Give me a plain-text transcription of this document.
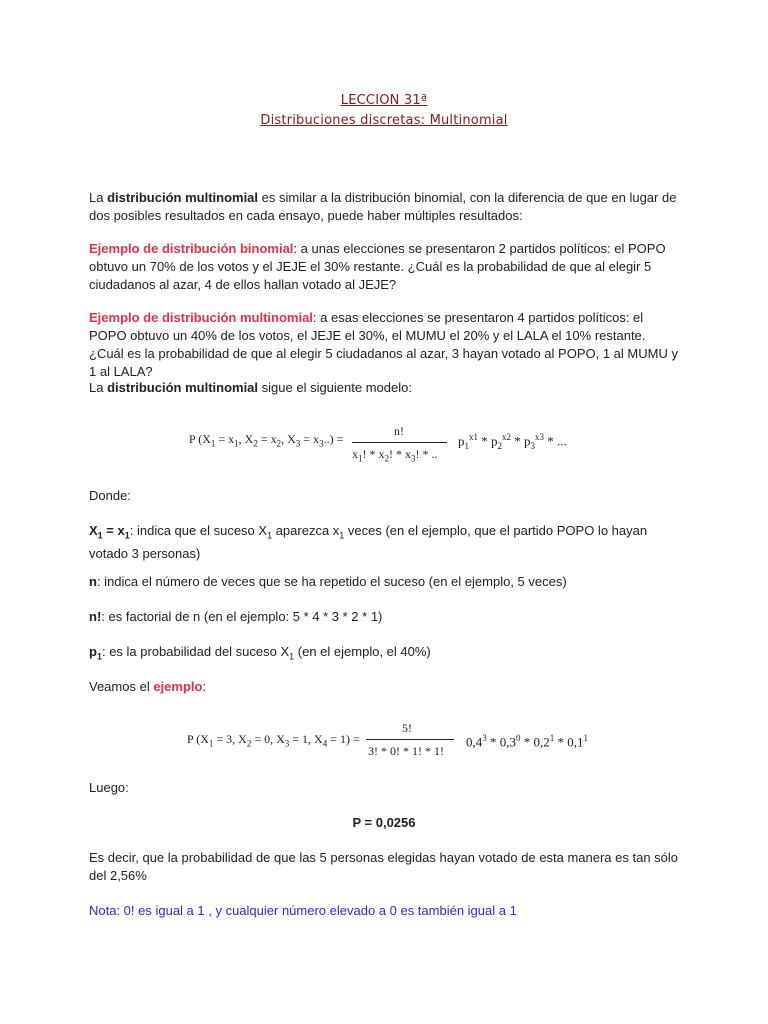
LECCION 31ª
Distribuciones discretas: Multinomial
La distribución multinomial es similar a la distribución binomial, con la diferencia de que en lugar de dos posibles resultados en cada ensayo, puede haber múltiples resultados:
Ejemplo de distribución binomial: a unas elecciones se presentaron 2 partidos políticos: el POPO obtuvo un 70% de los votos y el JEJE el 30% restante. ¿Cuál es la probabilidad de que al elegir 5 ciudadanos al azar, 4 de ellos hallan votado al JEJE?
Ejemplo de distribución multinomial: a esas elecciones se presentaron 4 partidos políticos: el POPO obtuvo un 40% de los votos, el JEJE el 30%, el MUMU el 20% y el LALA el 10% restante. ¿Cuál es la probabilidad de que al elegir 5 ciudadanos al azar, 3 hayan votado al POPO, 1 al MUMU y 1 al LALA?
La distribución multinomial sigue el siguiente modelo:
P ($X_1 = x_1$, $X_2 = x_2$, $X_3 = x_3$..) =
n!
$x_1$! * $x_2$! * $x_3$! * ..
$p_1^{x1} * p_2^{x2} * p_3^{x3}$ * ...
Donde:
$X_1 = x_1$: indica que el suceso $X_1$ aparezca $x_1$ veces (en el ejemplo, que el partido POPO lo hayan votado 3 personas)
n: indica el número de veces que se ha repetido el suceso (en el ejemplo, 5 veces)
n!: es factorial de n (en el ejemplo: 5 * 4 * 3 * 2 * 1)
$p_1$: es la probabilidad del suceso $X_1$ (en el ejemplo, el 40%)
Veamos el ejemplo:
P ($X_1 = 3$, $X_2 = 0$, $X_3 = 1$, $X_4 = 1$) =
5!
3! * 0! * 1! * 1!
$0,4^3 * 0,3^0 * 0,2^1 * 0,1^1$
Luego:
P = 0,0256
Es decir, que la probabilidad de que las 5 personas elegidas hayan votado de esta manera es tan sólo del 2,56%
Nota: 0! es igual a 1 , y cualquier número elevado a 0 es también igual a 1
